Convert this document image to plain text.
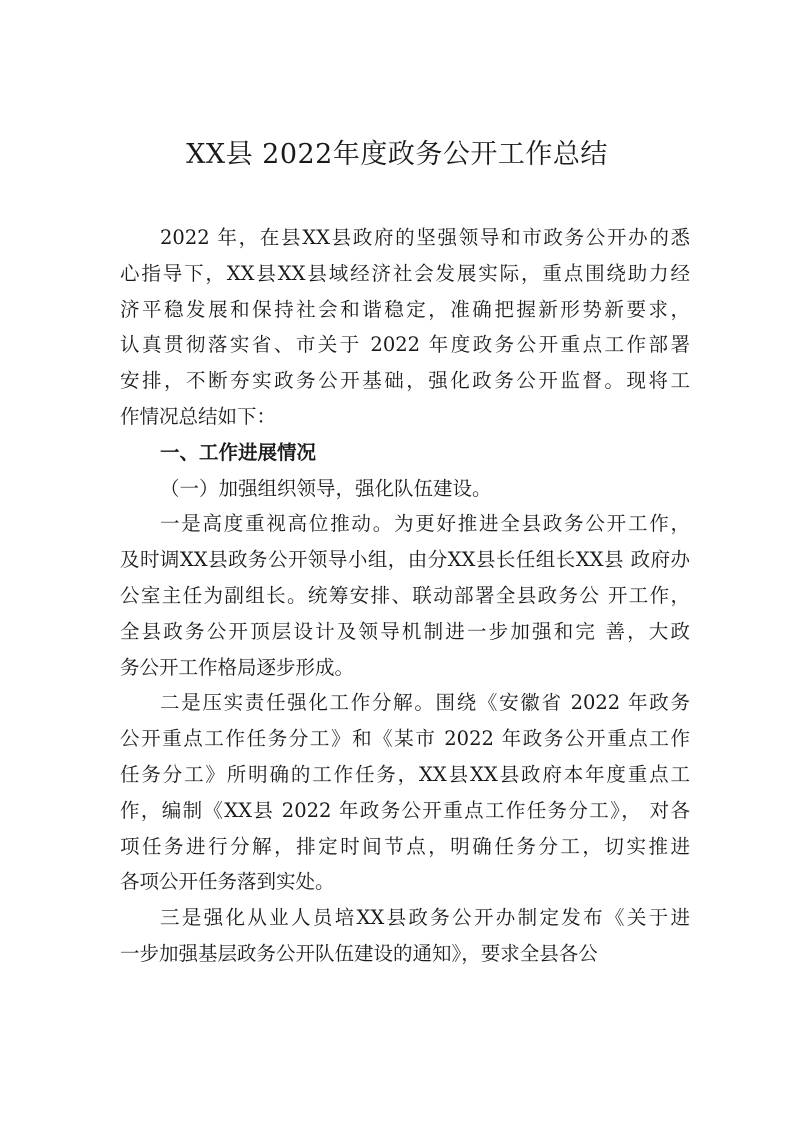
XX县 2022年度政务公开工作总结
2022 年，在县XX县政府的坚强领导和市政务公开办的悉
心指导下，XX县XX县域经济社会发展实际，重点围绕助力经
济平稳发展和保持社会和谐稳定，准确把握新形势新要求，
认真贯彻落实省、市关于 2022 年度政务公开重点工作部署
安排，不断夯实政务公开基础，强化政务公开监督。现将工
作情况总结如下：
一、工作进展情况
（一）加强组织领导，强化队伍建设。
一是高度重视高位推动。为更好推进全县政务公开工作，
及时调XX县政务公开领导小组，由分XX县长任组长XX县 政府办
公室主任为副组长。统筹安排、联动部署全县政务公 开工作，
全县政务公开顶层设计及领导机制进一步加强和完 善，大政
务公开工作格局逐步形成。
二是压实责任强化工作分解。围绕《安徽省 2022 年政务
公开重点工作任务分工》和《某市 2022 年政务公开重点工作
任务分工》所明确的工作任务，XX县XX县政府本年度重点工
作，编制《XX县 2022 年政务公开重点工作任务分工》， 对各
项任务进行分解，排定时间节点，明确任务分工，切实推进
各项公开任务落到实处。
三是强化从业人员培XX县政务公开办制定发布《关于进
一步加强基层政务公开队伍建设的通知》，要求全县各公
